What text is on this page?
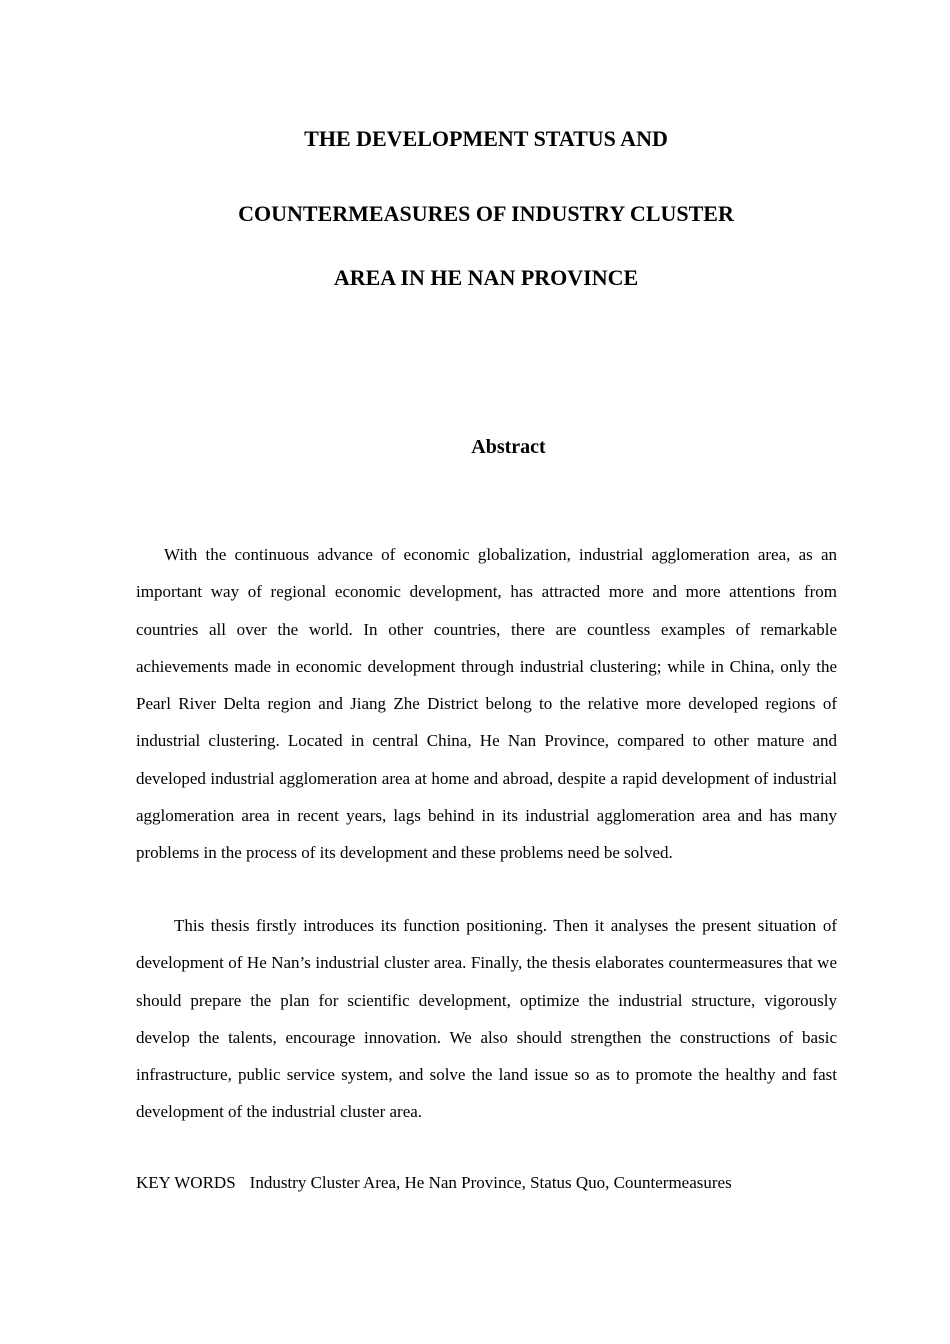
THE DEVELOPMENT STATUS AND
COUNTERMEASURES OF INDUSTRY CLUSTER
AREA IN HE NAN PROVINCE
Abstract

With the continuous advance of economic globalization, industrial agglomeration area, as an important way of regional economic development, has attracted more and more attentions from countries all over the world. In other countries, there are countless examples of remarkable achievements made in economic development through industrial clustering; while in China, only the Pearl River Delta region and Jiang Zhe District belong to the relative more developed regions of industrial clustering. Located in central China, He Nan Province, compared to other mature and developed industrial agglomeration area at home and abroad, despite a rapid development of industrial agglomeration area in recent years, lags behind in its industrial agglomeration area and has many problems in the process of its development and these problems need be solved.

This thesis firstly introduces its function positioning. Then it analyses the present situation of development of He Nan’s industrial cluster area. Finally, the thesis elaborates countermeasures that we should prepare the plan for scientific development, optimize the industrial structure, vigorously develop the talents, encourage innovation. We also should strengthen the constructions of basic infrastructure, public service system, and solve the land issue so as to promote the healthy and fast development of the industrial cluster area.

KEY WORDS Industry Cluster Area, He Nan Province, Status Quo, Countermeasures
